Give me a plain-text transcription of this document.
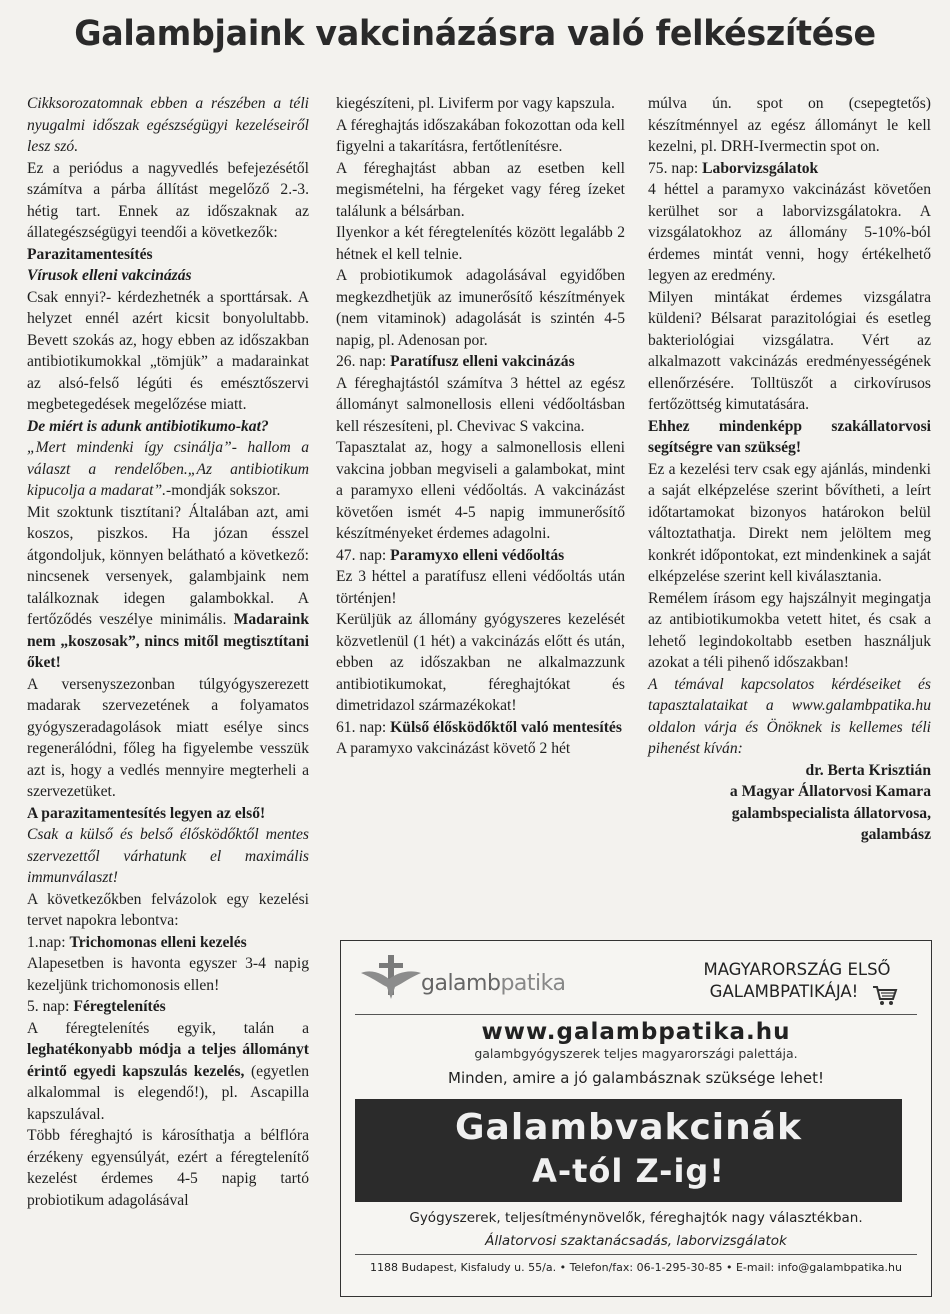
Galambjaink vakcinázásra való felkészítése

Cikksorozatomnak ebben a részében a téli nyugalmi időszak egészségügyi kezeléseiről lesz szó.

Ez a periódus a nagyvedlés befejezésétől számítva a párba állítást megelőző 2.-3. hétig tart. Ennek az időszaknak az állategészségügyi teendői a következők:

Parazitamentesítés

Vírusok elleni vakcinázás

Csak ennyi?- kérdezhetnék a sporttársak. A helyzet ennél azért kicsit bonyolultabb. Bevett szokás az, hogy ebben az időszakban antibiotikumokkal „tömjük” a madarainkat az alsó-felső légúti és emésztőszervi megbetegedések megelőzése miatt.

De miért is adunk antibiotikumo-kat?

„Mert mindenki így csinálja”- hallom a választ a rendelőben.„Az antibiotikum kipucolja a madarat”.-mondják sokszor.

Mit szoktunk tisztítani? Általában azt, ami koszos, piszkos. Ha józan ésszel átgondoljuk, könnyen belátható a következő: nincsenek versenyek, galambjaink nem találkoznak idegen galambokkal. A fertőződés veszélye minimális. Madaraink nem „koszosak”, nincs mitől megtisztítani őket!

A versenyszezonban túlgyógyszerezett madarak szervezetének a folyamatos gyógyszeradagolások miatt esélye sincs regenerálódni, főleg ha figyelembe vesszük azt is, hogy a vedlés mennyire megterheli a szervezetüket.

A parazitamentesítés legyen az első!

Csak a külső és belső élősködőktől mentes szervezettől várhatunk el maximális immunválaszt!

A következőkben felvázolok egy kezelési tervet napokra lebontva:

1.nap: Trichomonas elleni kezelés

Alapesetben is havonta egyszer 3-4 napig kezeljünk trichomonosis ellen!

5. nap: Féregtelenítés

A féregtelenítés egyik, talán a leghatékonyabb módja a teljes állományt érintő egyedi kapszulás kezelés, (egyetlen alkalommal is elegendő!), pl. Ascapilla kapszulával.

Több féreghajtó is károsíthatja a bélflóra érzékeny egyensúlyát, ezért a féregtelenítő kezelést érdemes 4-5 napig tartó probiotikum adagolásával

kiegészíteni, pl. Liviferm por vagy kapszula.

A féreghajtás időszakában fokozottan oda kell figyelni a takarításra, fertőtlenítésre.

A féreghajtást abban az esetben kell megismételni, ha férgeket vagy féreg ízeket találunk a bélsárban.

Ilyenkor a két féregtelenítés között legalább 2 hétnek el kell telnie.

A probiotikumok adagolásával egyidőben megkezdhetjük az imunerősítő készítmények (nem vitaminok) adagolását is szintén 4-5 napig, pl. Adenosan por.

26. nap: Paratífusz elleni vakcinázás

A féreghajtástól számítva 3 héttel az egész állományt salmonellosis elleni védőoltásban kell részesíteni, pl. Chevivac S vakcina.

Tapasztalat az, hogy a salmonellosis elleni vakcina jobban megviseli a galambokat, mint a paramyxo elleni védőoltás. A vakcinázást követően ismét 4-5 napig immunerősítő készítményeket érdemes adagolni.

47. nap: Paramyxo elleni védőoltás

Ez 3 héttel a paratífusz elleni védőoltás után történjen!

Kerüljük az állomány gyógyszeres kezelését közvetlenül (1 hét) a vakcinázás előtt és után, ebben az időszakban ne alkalmazzunk antibiotikumokat, féreghajtókat és dimetridazol származékokat!

61. nap: Külső élősködőktől való mentesítés

A paramyxo vakcinázást követő 2 hét

múlva ún. spot on (csepegtetős) készítménnyel az egész állományt le kell kezelni, pl. DRH-Ivermectin spot on.

75. nap: Laborvizsgálatok

4 héttel a paramyxo vakcinázást követően kerülhet sor a laborvizsgálatokra. A vizsgálatokhoz az állomány 5-10%-ból érdemes mintát venni, hogy értékelhető legyen az eredmény.

Milyen mintákat érdemes vizsgálatra küldeni? Bélsarat parazitológiai és esetleg bakteriológiai vizsgálatra. Vért az alkalmazott vakcinázás eredményességének ellenőrzésére. Tolltüszőt a cirkovírusos fertőzöttség kimutatására.

Ehhez mindenképp szakállatorvosi segítségre van szükség!

Ez a kezelési terv csak egy ajánlás, mindenki a saját elképzelése szerint bővítheti, a leírt időtartamokat bizonyos határokon belül változtathatja. Direkt nem jelöltem meg konkrét időpontokat, ezt mindenkinek a saját elképzelése szerint kell kiválasztania.

Remélem írásom egy hajszálnyit megingatja az antibiotikumokba vetett hitet, és csak a lehető legindokoltabb esetben használjuk azokat a téli pihenő időszakban!

A témával kapcsolatos kérdéseiket és tapasztalataikat a www.galambpatika.hu oldalon várja és Önöknek is kellemes téli pihenést kíván:

dr. Berta Krisztián

a Magyar Állatorvosi Kamara

galambspecialista állatorvosa,

galambász

galambpatika
MAGYARORSZÁG ELSŐ
GALAMBPATIKÁJA!
www.galambpatika.hu
galambgyógyszerek teljes magyarországi palettája.
Minden, amire a jó galambásznak szüksége lehet!
Galambvakcinák
A-tól Z-ig!
Gyógyszerek, teljesítménynövelők, féreghajtók nagy választékban.
Állatorvosi szaktanácsadás, laborvizsgálatok
1188 Budapest, Kisfaludy u. 55/a. • Telefon/fax: 06-1-295-30-85 • E-mail: info@galambpatika.hu
